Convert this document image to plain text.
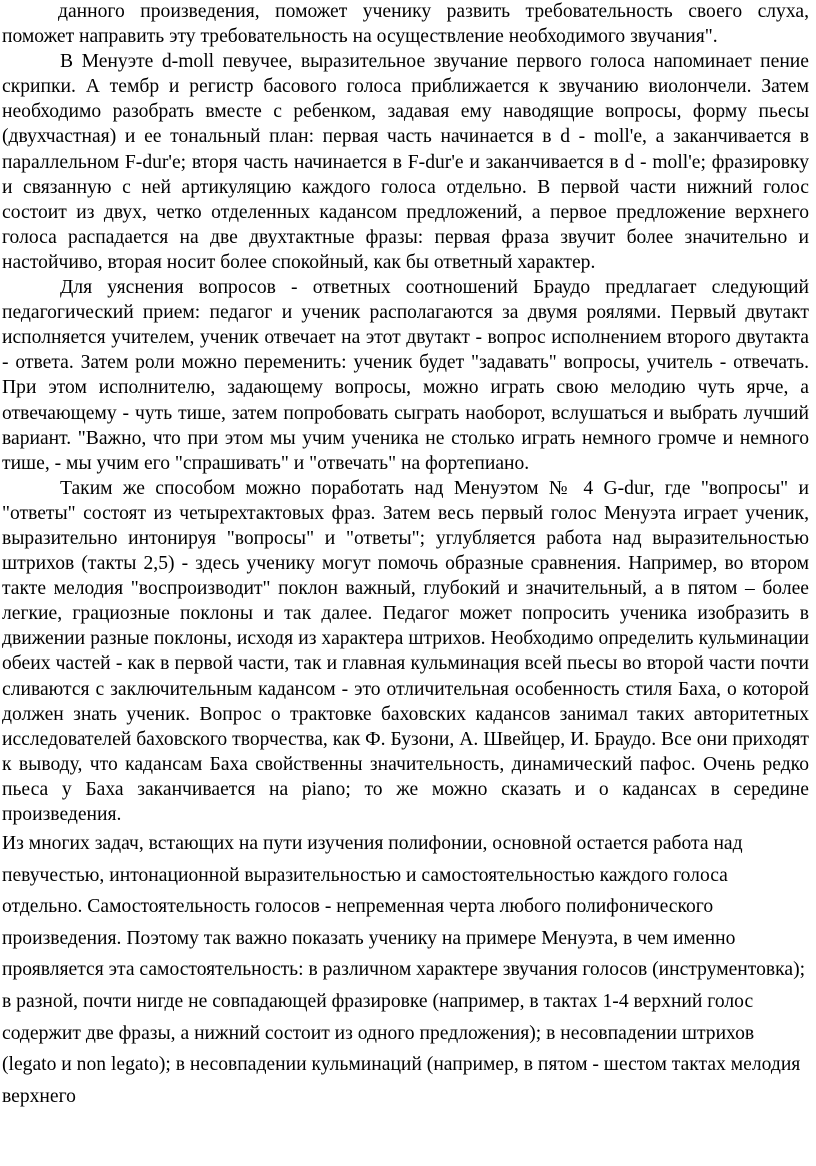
данного произведения, поможет ученику развить требовательность своего слуха, поможет направить эту требовательность на осуществление необходимого звучания".

В Менуэте d-moll певучее, выразительное звучание первого голоса напоминает пение скрипки. А тембр и регистр басового голоса приближается к звучанию виолончели. Затем необходимо разобрать вместе с ребенком, задавая ему наводящие вопросы, форму пьесы (двухчастная) и ее тональный план: первая часть начинается в d - moll'e, а заканчивается в параллельном F-dur'e; вторя часть начинается в F-dur'e и заканчивается в d - moll'e; фразировку и связанную с ней артикуляцию каждого голоса отдельно. В первой части нижний голос состоит из двух, четко отделенных кадансом предложений, а первое предложение верхнего голоса распадается на две двухтактные фразы: первая фраза звучит более значительно и настойчиво, вторая носит более спокойный, как бы ответный характер.

Для уяснения вопросов - ответных соотношений Браудо предлагает следующий педагогический прием: педагог и ученик располагаются за двумя роялями. Первый двутакт исполняется учителем, ученик отвечает на этот двутакт - вопрос исполнением второго двутакта - ответа. Затем роли можно переменить: ученик будет "задавать" вопросы, учитель - отвечать. При этом исполнителю, задающему вопросы, можно играть свою мелодию чуть ярче, а отвечающему - чуть тише, затем попробовать сыграть наоборот, вслушаться и выбрать лучший вариант. "Важно, что при этом мы учим ученика не столько играть немного громче и немного тише, - мы учим его "спрашивать" и "отвечать" на фортепиано.

Таким же способом можно поработать над Менуэтом № 4 G-dur, где "вопросы" и "ответы" состоят из четырехтактовых фраз. Затем весь первый голос Менуэта играет ученик, выразительно интонируя "вопросы" и "ответы"; углубляется работа над выразительностью штрихов (такты 2,5) - здесь ученику могут помочь образные сравнения. Например, во втором такте мелодия "воспроизводит" поклон важный, глубокий и значительный, а в пятом – более легкие, грациозные поклоны и так далее. Педагог может попросить ученика изобразить в движении разные поклоны, исходя из характера штрихов. Необходимо определить кульминации обеих частей - как в первой части, так и главная кульминация всей пьесы во второй части почти сливаются с заключительным кадансом - это отличительная особенность стиля Баха, о которой должен знать ученик. Вопрос о трактовке баховских кадансов занимал таких авторитетных исследователей баховского творчества, как Ф. Бузони, А. Швейцер, И. Браудо. Все они приходят к выводу, что кадансам Баха свойственны значительность, динамический пафос. Очень редко пьеса у Баха заканчивается на piano; то же можно сказать и о кадансах в середине произведения.

Из многих задач, встающих на пути изучения полифонии, основной остается работа над певучестью, интонационной выразительностью и самостоятельностью каждого голоса отдельно. Самостоятельность голосов - непременная черта любого полифонического произведения. Поэтому так важно показать ученику на примере Менуэта, в чем именно проявляется эта самостоятельность: в различном характере звучания голосов (инструментовка); в разной, почти нигде не совпадающей фразировке (например, в тактах 1-4 верхний голос содержит две фразы, а нижний состоит из одного предложения); в несовпадении штрихов (legato и non legato); в несовпадении кульминаций (например, в пятом - шестом тактах мелодия верхнего
